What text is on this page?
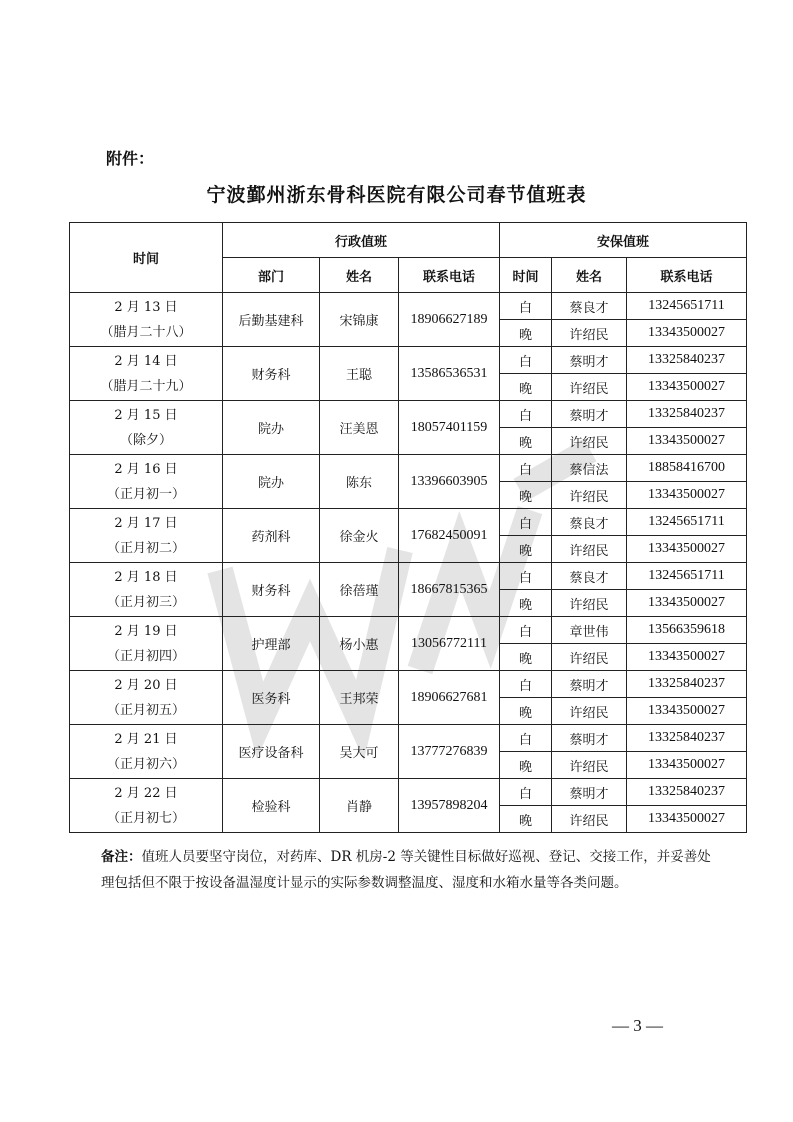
附件：
宁波鄞州浙东骨科医院有限公司春节值班表
时间	行政值班			安保值班		
	部门	姓名	联系电话	时间	姓名	联系电话

2 月 13 日
（腊月二十八）	后勤基建科	宋锦康	18906627189	白	蔡良才	13245651711
				晚	许绍民	13343500027

2 月 14 日
（腊月二十九）	财务科	王聪	13586536531	白	蔡明才	13325840237
				晚	许绍民	13343500027

2 月 15 日
（除夕）	院办	汪美恩	18057401159	白	蔡明才	13325840237
				晚	许绍民	13343500027

2 月 16 日
（正月初一）	院办	陈东	13396603905	白	蔡信法	18858416700
				晚	许绍民	13343500027

2 月 17 日
（正月初二）	药剂科	徐金火	17682450091	白	蔡良才	13245651711
				晚	许绍民	13343500027

2 月 18 日
（正月初三）	财务科	徐蓓瑾	18667815365	白	蔡良才	13245651711
				晚	许绍民	13343500027

2 月 19 日
（正月初四）	护理部	杨小惠	13056772111	白	章世伟	13566359618
				晚	许绍民	13343500027

2 月 20 日
（正月初五）	医务科	王邦荣	18906627681	白	蔡明才	13325840237
				晚	许绍民	13343500027

2 月 21 日
（正月初六）	医疗设备科	吴大可	13777276839	白	蔡明才	13325840237
				晚	许绍民	13343500027

2 月 22 日
（正月初七）	检验科	肖静	13957898204	白	蔡明才	13325840237
				晚	许绍民	13343500027
备注：值班人员要坚守岗位，对药库、DR 机房-2 等关键性目标做好巡视、登记、交接工作，并妥善处理包括但不限于按设备温湿度计显示的实际参数调整温度、湿度和水箱水量等各类问题。
— 3 —
